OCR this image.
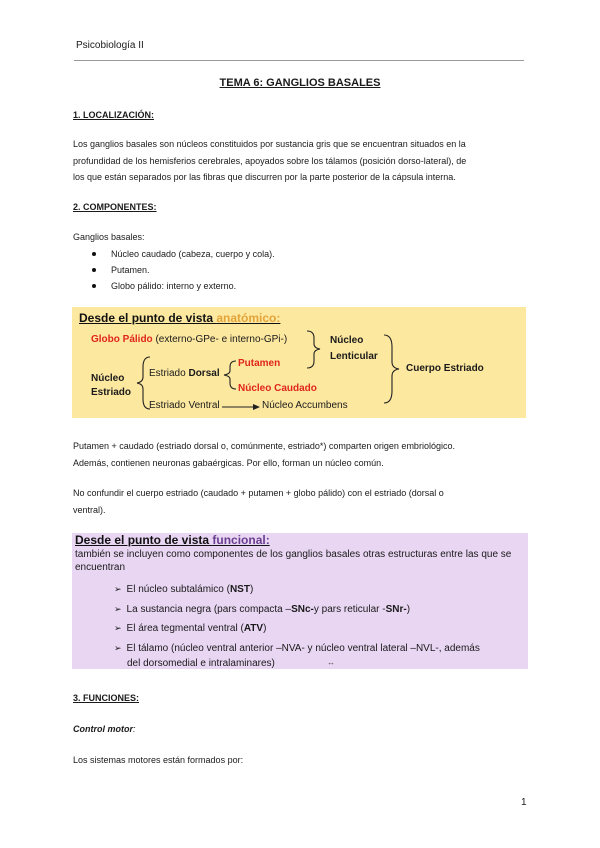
Psicobiología II
TEMA 6: GANGLIOS BASALES
1. LOCALIZACIÓN:
Los ganglios basales son núcleos constituidos por sustancia gris que se encuentran situados en la
profundidad de los hemisferios cerebrales, apoyados sobre los tálamos (posición dorso-lateral), de
los que están separados por las fibras que discurren por la parte posterior de la cápsula interna.
2. COMPONENTES:
Ganglios basales:
Núcleo caudado (cabeza, cuerpo y cola).
Putamen.
Globo pálido: interno y externo.
Desde el punto de vista anatómico:
Globo Pálido (externo-GPe- e interno-GPi-)	Núcleo
Lenticular
Cuerpo Estriado
Núcleo
Estriado
Estriado Dorsal
Putamen
Núcleo Caudado
Estriado Ventral	Núcleo Accumbens
Putamen + caudado (estriado dorsal o, comúnmente, estriado*) comparten origen embriológico.
Además, contienen neuronas gabaérgicas. Por ello, forman un núcleo común.
No confundir el cuerpo estriado (caudado + putamen + globo pálido) con el estriado (dorsal o
ventral).
Desde el punto de vista funcional:
también se incluyen como componentes de los ganglios basales otras estructuras entre las que se encuentran
➢ El núcleo subtalámico ( NST )
➢ La sustancia negra (pars compacta – SNc- y pars reticular - SNr- )
➢ El área tegmental ventral ( ATV )
➢ El tálamo (núcleo ventral anterior –NVA- y núcleo ventral lateral –NVL-, además
del dorsomedial e intralaminares)	↔
3. FUNCIONES:
Control motor:
Los sistemas motores están formados por:
1
